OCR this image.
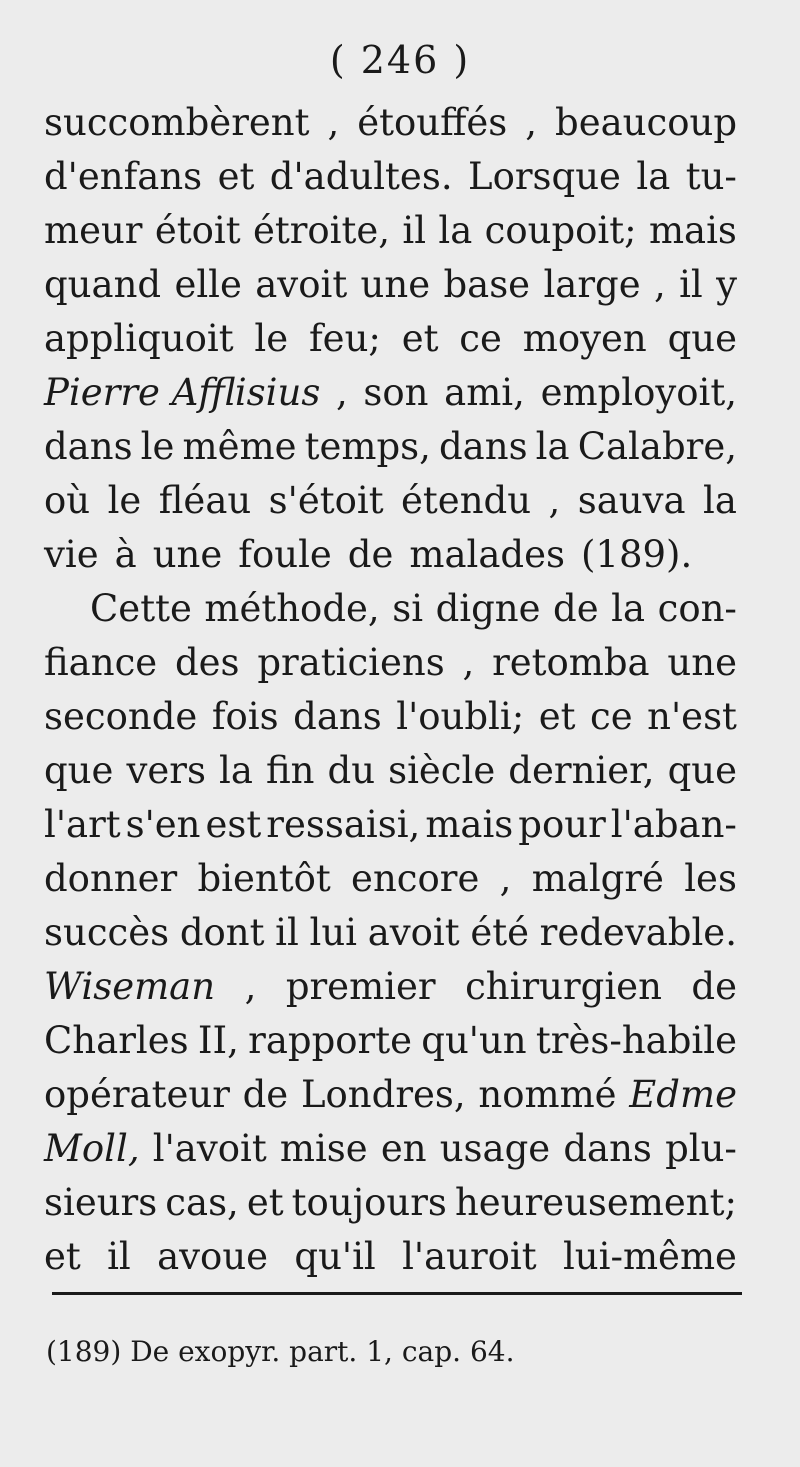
( 246 )
succombèrent , étouffés , beaucoup
d'enfans et d'adultes. Lorsque la tu-
meur étoit étroite, il la coupoit; mais
quand elle avoit une base large , il y
appliquoit le feu; et ce moyen que
Pierre Afflisius , son ami, employoit,
dans le même temps, dans la Calabre,
où le fléau s'étoit étendu , sauva la
vie à une foule de malades (189).
Cette méthode, si digne de la con-
fiance des praticiens , retomba une
seconde fois dans l'oubli; et ce n'est
que vers la fin du siècle dernier, que
l'art s'en est ressaisi, mais pour l'aban-
donner bientôt encore , malgré les
succès dont il lui avoit été redevable.
Wiseman , premier chirurgien de
Charles II, rapporte qu'un très-habile
opérateur de Londres, nommé Edme
Moll, l'avoit mise en usage dans plu-
sieurs cas, et toujours heureusement;
et il avoue qu'il l'auroit lui-même
(189) De exopyr. part. 1, cap. 64.
